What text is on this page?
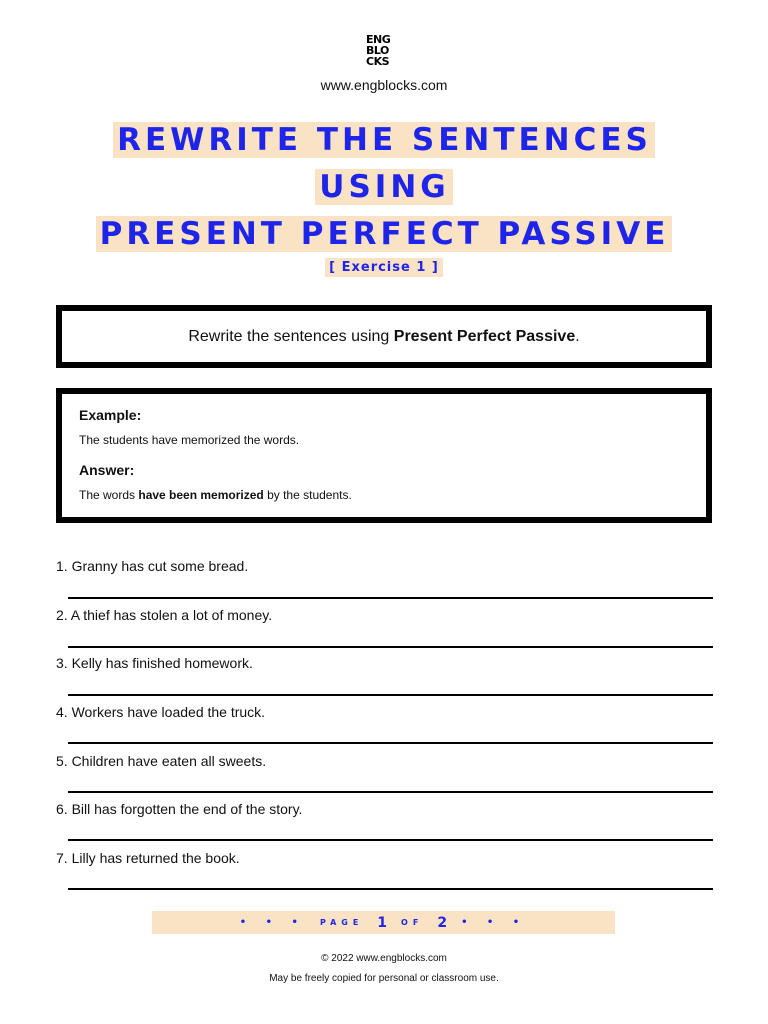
ENG
BLO
CKS
www.engblocks.com
REWRITE THE SENTENCES
USING
PRESENT PERFECT PASSIVE
[ Exercise 1 ]
Rewrite the sentences using Present Perfect Passive.
Example:
The students have memorized the words.
Answer:
The words have been memorized by the students.
1. Granny has cut some bread.
2. A thief has stolen a lot of money.
3. Kelly has finished homework.
4. Workers have loaded the truck.
5. Children have eaten all sweets.
6. Bill has forgotten the end of the story.
7. Lilly has returned the book.
• • • PAGE 1 OF 2 • • •
© 2022 www.engblocks.com
May be freely copied for personal or classroom use.
